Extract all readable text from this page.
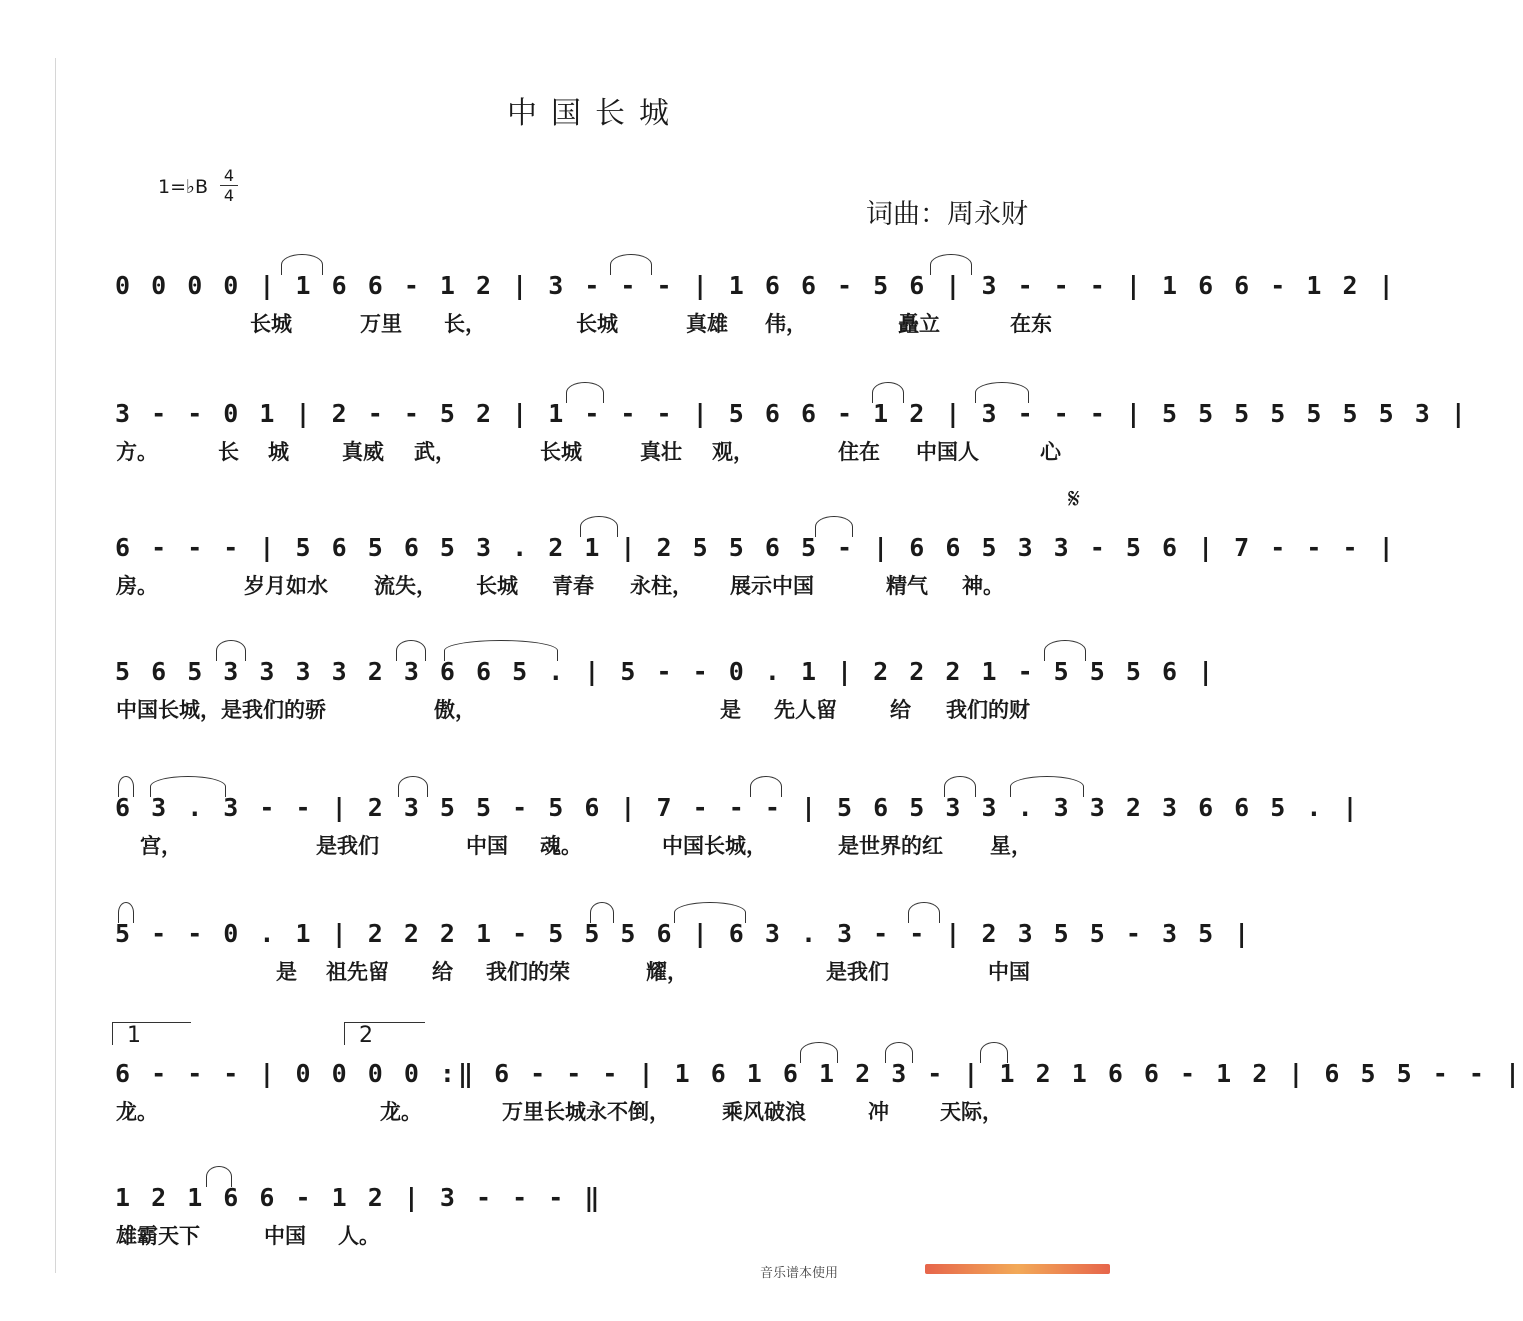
中国长城
1=♭B
4
4
词曲：周永财
0 0 0 0 | 1 6 6 - 1 2 | 3 - - - | 1 6 6 - 5 6 | 3 - - - | 1 6 6 - 1 2 |
长城	万里 长，	长城	真雄 伟，	矗立	在东
3 - - 0 1 | 2 - - 5 2 | 1 - - - | 5 6 6 - 1 2 | 3 - - - | 5 5 5 5 5 5 5 3 |
方。	长 城	真威 武，	长城	真壮 观，	住在 中国人	心
𝄋
6 - - - | 5 6 5 6 5 3 . 2 1 | 2 5 5 6 5 - | 6 6 5 3 3 - 5 6 | 7 - - - |
房。	岁月如水 流失， 长城 青春 永柱， 展示中国	精气 神。
5 6 5 3 3 3 3 2 3 6 6 5 . | 5 - - 0 . 1 | 2 2 2 1 - 5 5 5 6 |
中国长城，是我们的骄	傲，	是 先人留	给 我们的财
6 3 . 3 - - | 2 3 5 5 - 5 6 | 7 - - - | 5 6 5 3 3 . 3 3 2 3 6 6 5 . |
宫，	是我们	中国 魂。	中国长城，	是世界的红 星，
5 - - 0 . 1 | 2 2 2 1 - 5 5 5 6 | 6 3 . 3 - - | 2 3 5 5 - 3 5 |
是 祖先留 给 我们的荣	耀，	是我们	中国
1	2
6 - - - | 0 0 0 0 :‖ 6 - - - | 1 6 1 6 1 2 3 - | 1 2 1 6 6 - 1 2 | 6 5 5 - - |
龙。	龙。	万里长城永不倒， 乘风破浪	冲 天际，
1 2 1 6 6 - 1 2 | 3 - - - ‖
雄霸天下	中国 人。
音乐谱本使用
